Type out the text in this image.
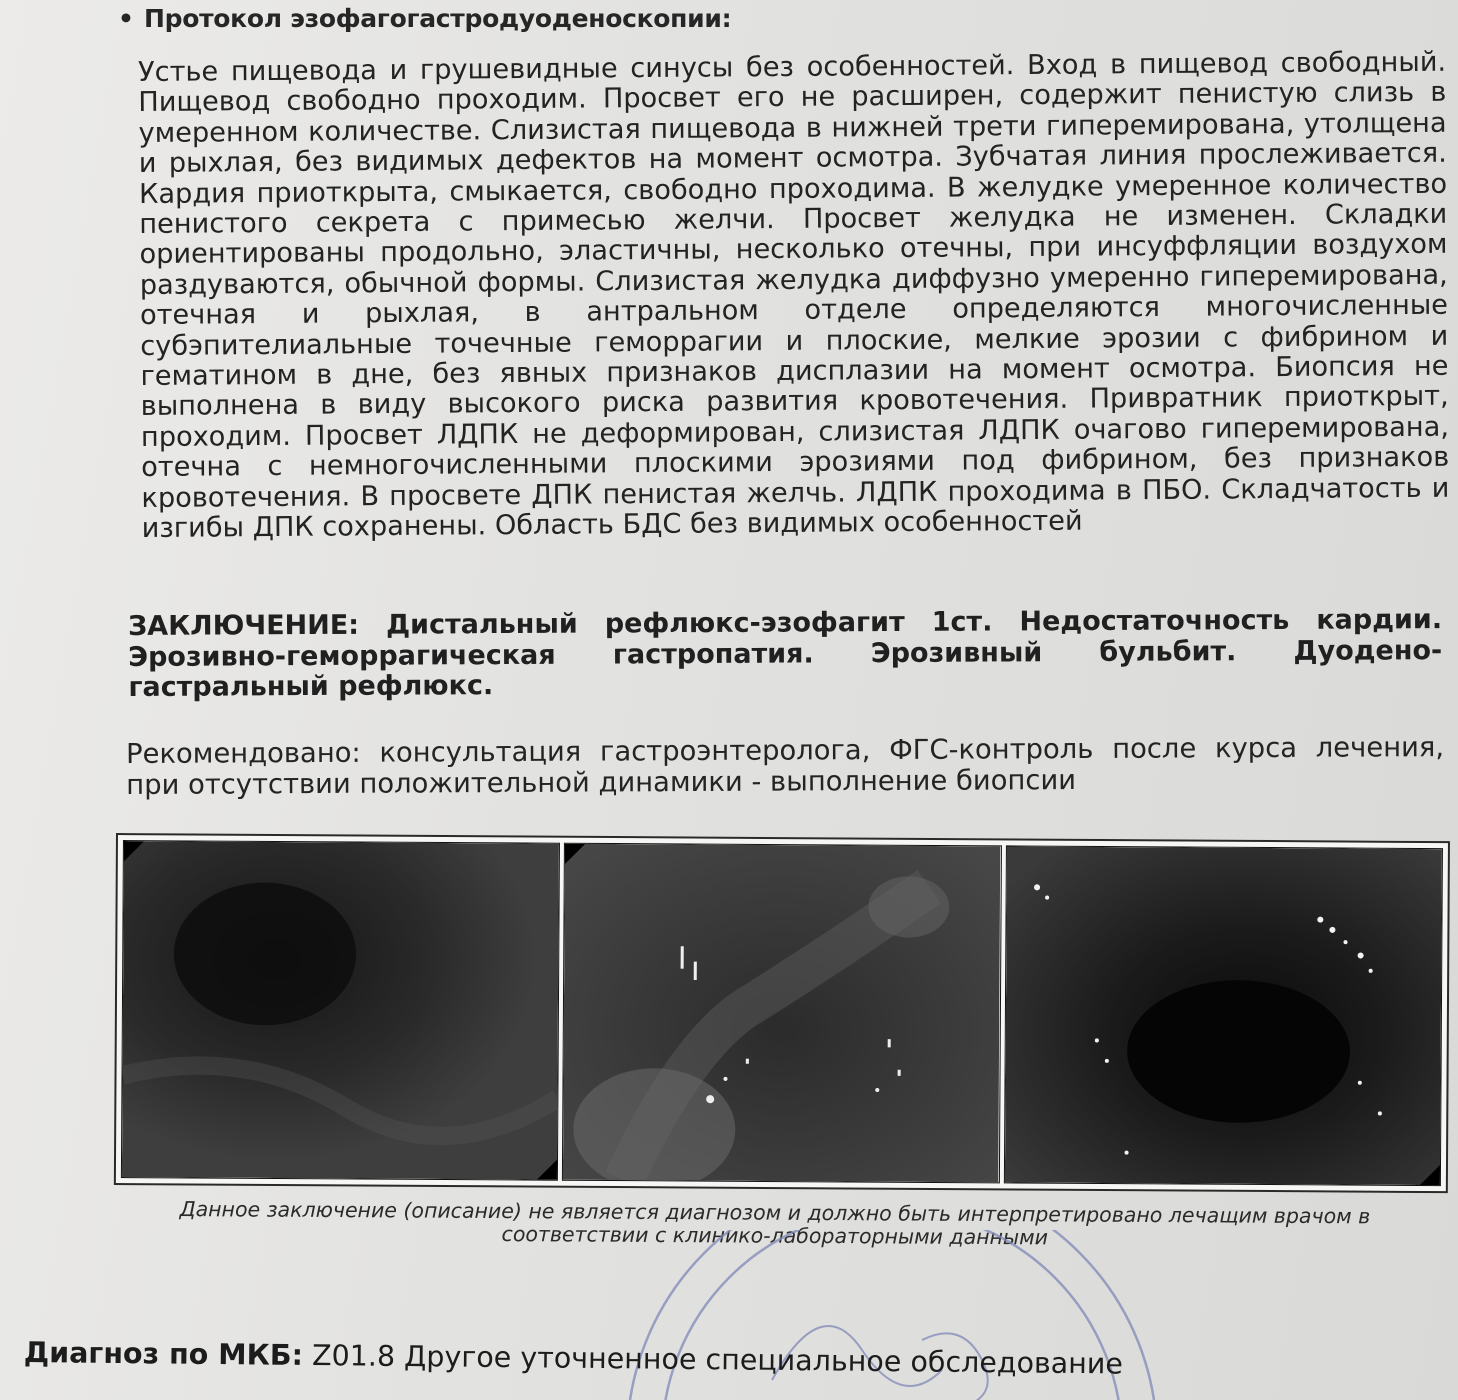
• Протокол эзофагогастродуоденоскопии:

Устье пищевода и грушевидные синусы без особенностей. Вход в пищевод свободный. Пищевод свободно проходим. Просвет его не расширен, содержит пенистую слизь в умеренном количестве. Слизистая пищевода в нижней трети гиперемирована, утолщена и рыхлая, без видимых дефектов на момент осмотра. Зубчатая линия прослеживается. Кардия приоткрыта, смыкается, свободно проходима. В желудке умеренное количество пенистого секрета с примесью желчи. Просвет желудка не изменен. Складки ориентированы продольно, эластичны, несколько отечны, при инсуффляции воздухом раздуваются, обычной формы. Слизистая желудка диффузно умеренно гиперемирована, отечная и рыхлая, в антральном отделе определяются многочисленные субэпителиальные точечные геморрагии и плоские, мелкие эрозии с фибрином и гематином в дне, без явных признаков дисплазии на момент осмотра. Биопсия не выполнена в виду высокого риска развития кровотечения. Привратник приоткрыт, проходим. Просвет ЛДПК не деформирован, слизистая ЛДПК очагово гиперемирована, отечна с немногочисленными плоскими эрозиями под фибрином, без признаков кровотечения. В просвете ДПК пенистая желчь. ЛДПК проходима в ПБО. Складчатость и изгибы ДПК сохранены. Область БДС без видимых особенностей

ЗАКЛЮЧЕНИЕ: Дистальный рефлюкс-эзофагит 1ст. Недостаточность кардии. Эрозивно-геморрагическая гастропатия. Эрозивный бульбит. Дуодено-гастральный рефлюкс.

Рекомендовано: консультация гастроэнтеролога, ФГС-контроль после курса лечения, при отсутствии положительной динамики - выполнение биопсии

Данное заключение (описание) не является диагнозом и должно быть интерпретировано лечащим врачом в соответствии с клинико-лабораторными данными

Диагноз по МКБ: Z01.8 Другое уточненное специальное обследование
